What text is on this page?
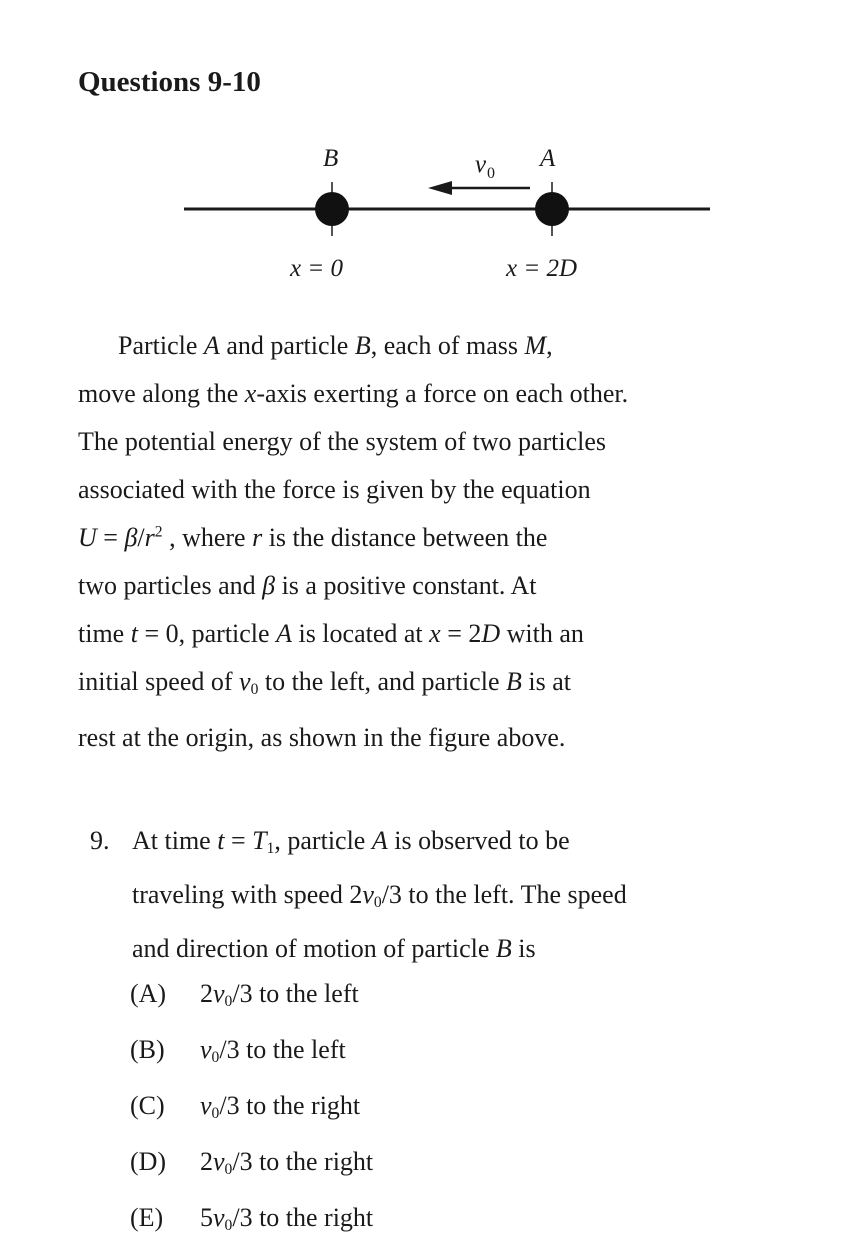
Questions 9-10
B	A
v 0
x = 0	x = 2D
Particle A and particle B, each of mass M,
move along the x-axis exerting a force on each other.
The potential energy of the system of two particles
associated with the force is given by the equation
$U = \beta/r^2$ , where r is the distance between the
two particles and β is a positive constant. At
time t = 0, particle A is located at x = 2D with an
initial speed of $v_0$ to the left, and particle B is at
rest at the origin, as shown in the figure above.
9. At time $t = T_1$, particle A is observed to be
traveling with speed $2v_0/3$ to the left. The speed
and direction of motion of particle B is
(A) $2v_0/3$ to the left
(B) $v_0/3$ to the left
(C) $v_0/3$ to the right
(D) $2v_0/3$ to the right
(E) $5v_0/3$ to the right
